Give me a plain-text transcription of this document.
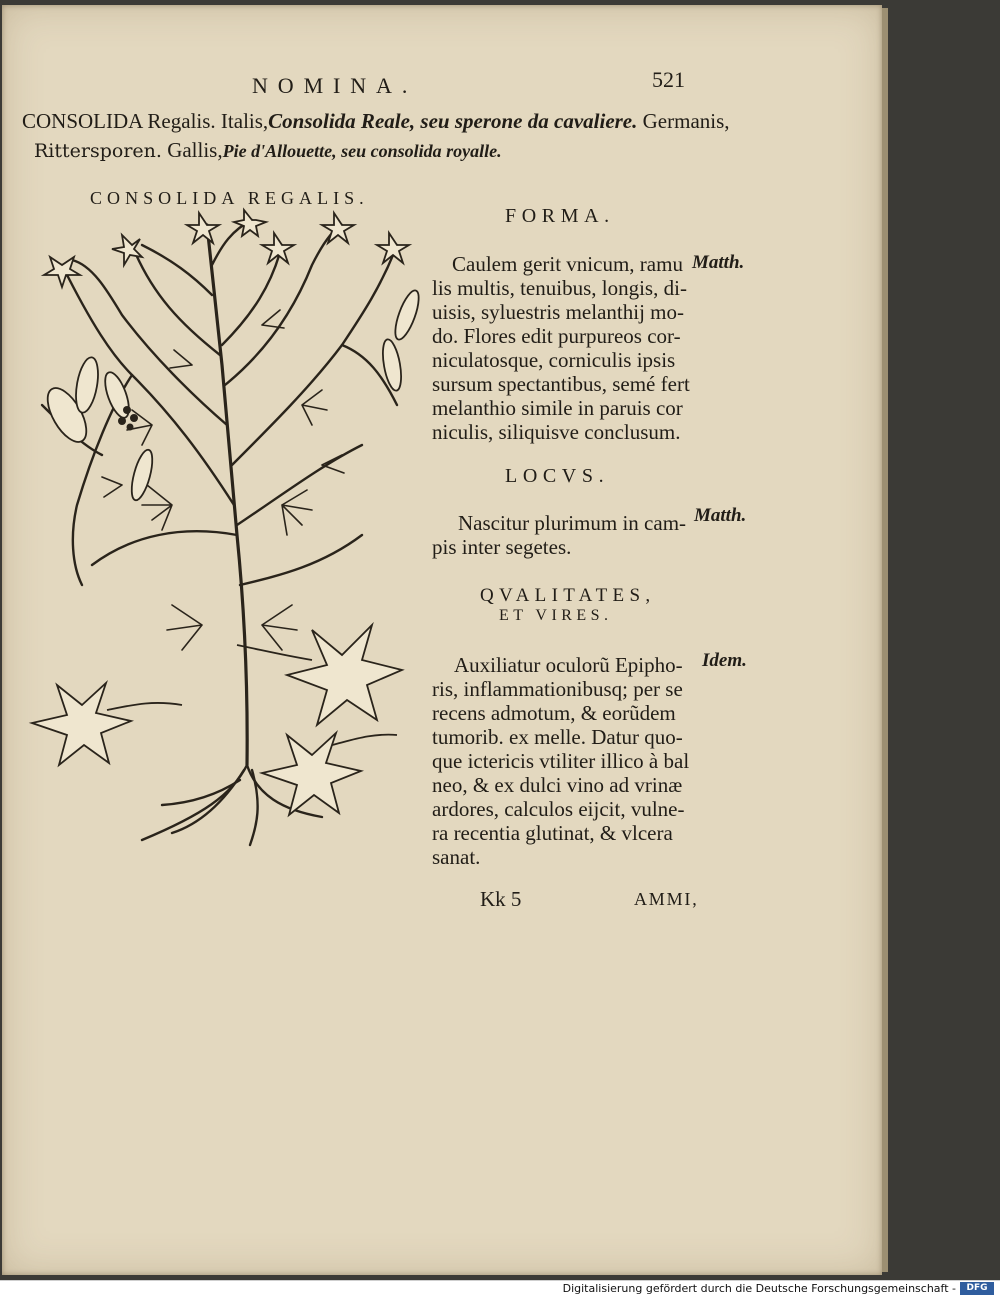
NOMINA.	521
CONSOLIDA Regalis. Italis,Consolida Reale, seu sperone da cavaliere. Germanis,
Rittersporen. Gallis,Pie d'Allouette, seu consolida royalle.
CONSOLIDA REGALIS.
FORMA.
Caulem gerit vnicum, ramu
lis multis, tenuibus, longis, di-
uisis, syluestris melanthij mo-
do. Flores edit purpureos cor-
niculatosque, corniculis ipsis
sursum spectantibus, semé fert
melanthio simile in paruis cor
niculis, siliquisve conclusum.
Matth.
LOCVS.
Nascitur plurimum in cam-
pis inter segetes.
Matth.
QVALITATES,
ET VIRES.
Auxiliatur oculorũ Epipho-
ris, inflammationibusq; per se
recens admotum, & eorũdem
tumorib. ex melle. Datur quo-
que ictericis vtiliter illico à bal
neo, & ex dulci vino ad vrinæ
ardores, calculos eijcit, vulne-
ra recentia glutinat, & vlcera
sanat.
Idem.
Kk 5	AMMI,
Digitalisierung gefördert durch die Deutsche Forschungsgemeinschaft -	DFG
